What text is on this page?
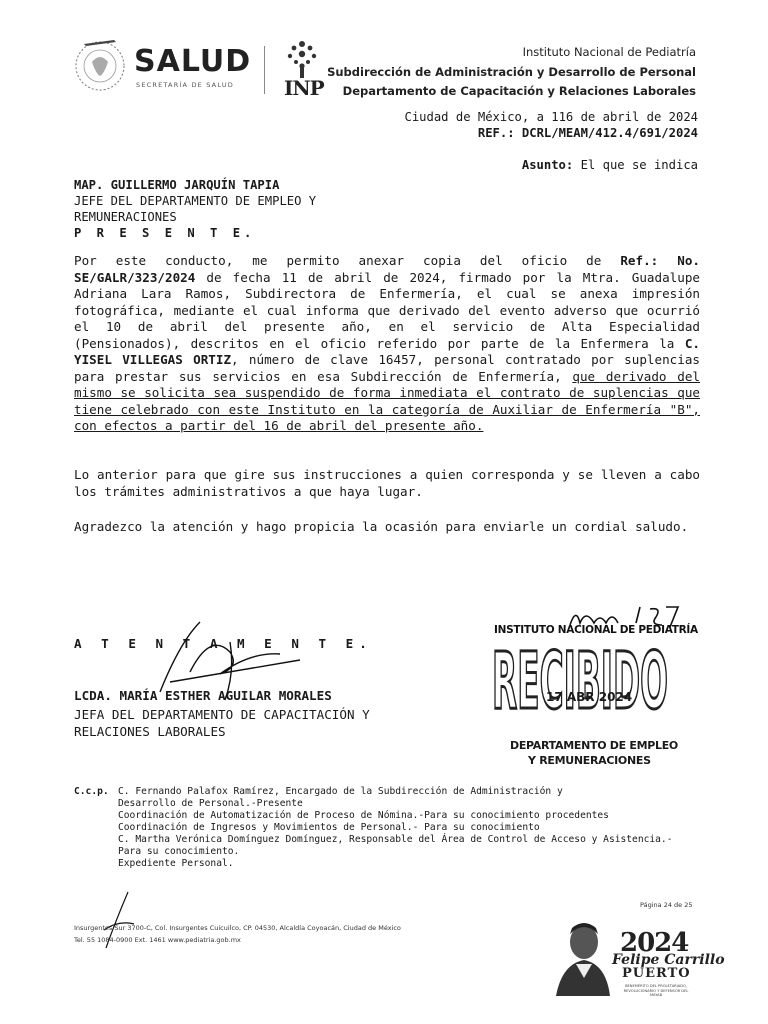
SALUD
SECRETARÍA DE SALUD	INP
Instituto Nacional de Pediatría
Subdirección de Administración y Desarrollo de Personal
Departamento de Capacitación y Relaciones Laborales
Ciudad de México, a 116 de abril de 2024
REF.: DCRL/MEAM/412.4/691/2024
Asunto: El que se indica
MAP. GUILLERMO JARQUÍN TAPIA
JEFE DEL DEPARTAMENTO DE EMPLEO Y
REMUNERACIONES
P R E S E N T E.
Por este conducto, me permito anexar copia del oficio de Ref.: No. SE/GALR/323/2024 de fecha 11 de abril de 2024, firmado por la Mtra. Guadalupe Adriana Lara Ramos, Subdirectora de Enfermería, el cual se anexa impresión fotográfica, mediante el cual informa que derivado del evento adverso que ocurrió el 10 de abril del presente año, en el servicio de Alta Especialidad (Pensionados), descritos en el oficio referido por parte de la Enfermera la C. YISEL VILLEGAS ORTIZ, número de clave 16457, personal contratado por suplencias para prestar sus servicios en esa Subdirección de Enfermería, que derivado del mismo se solicita sea suspendido de forma inmediata el contrato de suplencias que tiene celebrado con este Instituto en la categoría de Auxiliar de Enfermería "B", con efectos a partir del 16 de abril del presente año.
Lo anterior para que gire sus instrucciones a quien corresponda y se lleven a cabo los trámites administrativos a que haya lugar.
Agradezco la atención y hago propicia la ocasión para enviarle un cordial saludo.
A T E N T A M E N T E.
LCDA. MARÍA ESTHER AGUILAR MORALES
JEFA DEL DEPARTAMENTO DE CAPACITACIÓN Y
RELACIONES LABORALES
INSTITUTO NACIONAL DE PEDIATRÍA
RECIBIDO
17 ABR 2024
DEPARTAMENTO DE EMPLEO
Y REMUNERACIONES
C.c.p. C. Fernando Palafox Ramírez, Encargado de la Subdirección de Administración y
Desarrollo de Personal.-Presente
Coordinación de Automatización de Proceso de Nómina.-Para su conocimiento procedentes
Coordinación de Ingresos y Movimientos de Personal.- Para su conocimiento
C. Martha Verónica Domínguez Domínguez, Responsable del Área de Control de Acceso y Asistencia.-
Para su conocimiento.
Expediente Personal.
Página 24 de 25
Insurgentes Sur 3700-C, Col. Insurgentes Cuicuilco, CP. 04530, Alcaldía Coyoacán, Ciudad de México
Tel. 55 1084-0900 Ext. 1461 www.pediatria.gob.mx	2024
Felipe Carrillo
PUERTO
BENEMÉRITO DEL PROLETARIADO, REVOLUCIONARIO Y DEFENSOR DEL MAYAB
